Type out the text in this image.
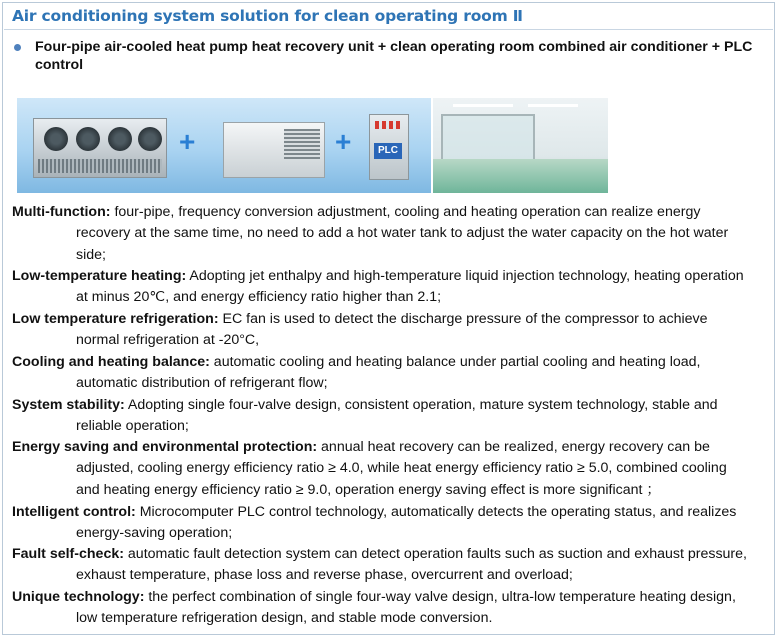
Air conditioning system solution for clean operating room Ⅱ
Four-pipe air-cooled heat pump heat recovery unit + clean operating room combined air conditioner + PLC control
+	+	PLC
Multi-function: four-pipe, frequency conversion adjustment, cooling and heating operation can realize energy
recovery at the same time, no need to add a hot water tank to adjust the water capacity on the hot water
side;
Low-temperature heating: Adopting jet enthalpy and high-temperature liquid injection technology, heating operation
at minus 20℃, and energy efficiency ratio higher than 2.1;
Low temperature refrigeration: EC fan is used to detect the discharge pressure of the compressor to achieve
normal refrigeration at -20°C,
Cooling and heating balance: automatic cooling and heating balance under partial cooling and heating load,
automatic distribution of refrigerant flow;
System stability: Adopting single four-valve design, consistent operation, mature system technology, stable and
reliable operation;
Energy saving and environmental protection: annual heat recovery can be realized, energy recovery can be
adjusted, cooling energy efficiency ratio ≥ 4.0, while heat energy efficiency ratio ≥ 5.0, combined cooling
and heating energy efficiency ratio ≥ 9.0, operation energy saving effect is more significant ；
Intelligent control: Microcomputer PLC control technology, automatically detects the operating status, and realizes
energy-saving operation;
Fault self-check: automatic fault detection system can detect operation faults such as suction and exhaust pressure,
exhaust temperature, phase loss and reverse phase, overcurrent and overload;
Unique technology: the perfect combination of single four-way valve design, ultra-low temperature heating design,
low temperature refrigeration design, and stable mode conversion.
